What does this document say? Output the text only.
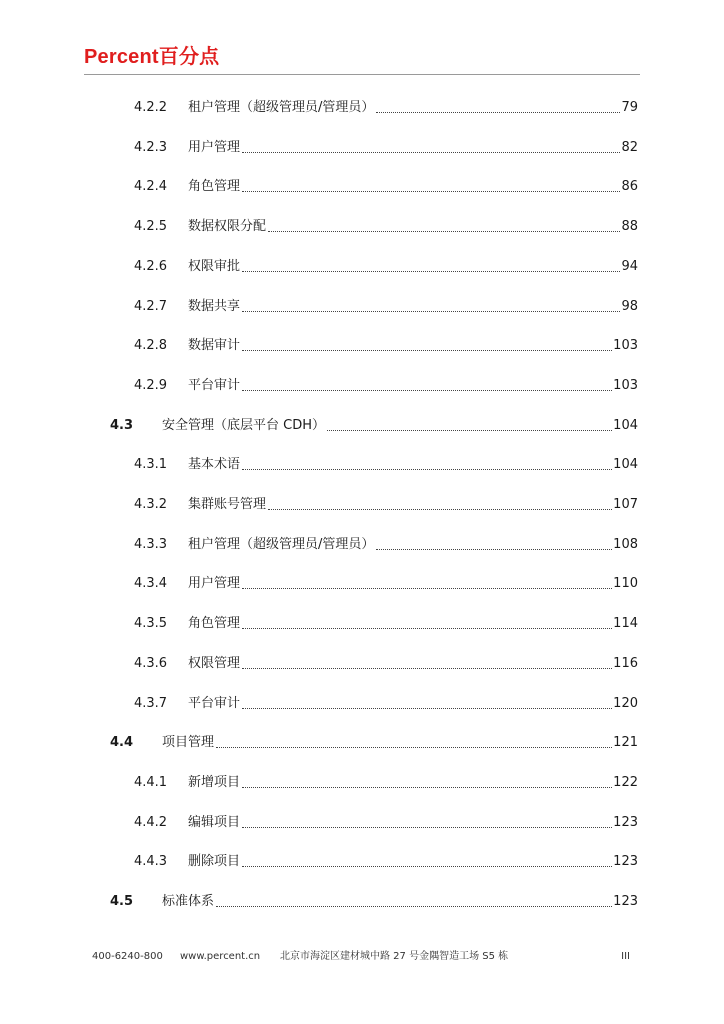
Percent百分点
4.2.2	租户管理（超级管理员/管理员）	79
4.2.3	用户管理	82
4.2.4	角色管理	86
4.2.5	数据权限分配	88
4.2.6	权限审批	94
4.2.7	数据共享	98
4.2.8	数据审计	103
4.2.9	平台审计	103
4.3	安全管理（底层平台 CDH）	104
4.3.1	基本术语	104
4.3.2	集群账号管理	107
4.3.3	租户管理（超级管理员/管理员）	108
4.3.4	用户管理	110
4.3.5	角色管理	114
4.3.6	权限管理	116
4.3.7	平台审计	120
4.4	项目管理	121
4.4.1	新增项目	122
4.4.2	编辑项目	123
4.4.3	删除项目	123
4.5	标准体系	123
400-6240-800 www.percent.cn 北京市海淀区建材城中路 27 号金隅智造工场 S5 栋	III
